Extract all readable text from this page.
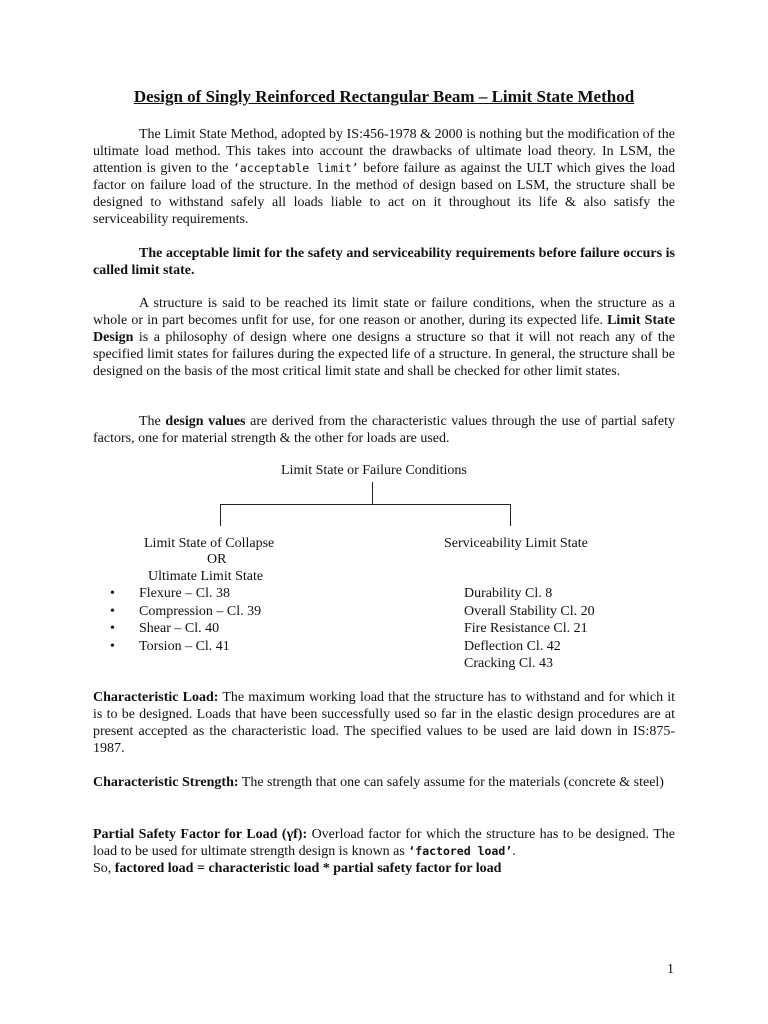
Design of Singly Reinforced Rectangular Beam – Limit State Method

The Limit State Method, adopted by IS:456-1978 & 2000 is nothing but the modification of the ultimate load method. This takes into account the drawbacks of ultimate load theory. In LSM, the attention is given to the ‘acceptable limit’ before failure as against the ULT which gives the load factor on failure load of the structure. In the method of design based on LSM, the structure shall be designed to withstand safely all loads liable to act on it throughout its life & also satisfy the serviceability requirements.

The acceptable limit for the safety and serviceability requirements before failure occurs is called limit state.

A structure is said to be reached its limit state or failure conditions, when the structure as a whole or in part becomes unfit for use, for one reason or another, during its expected life. Limit State Design is a philosophy of design where one designs a structure so that it will not reach any of the specified limit states for failures during the expected life of a structure. In general, the structure shall be designed on the basis of the most critical limit state and shall be checked for other limit states.

The design values are derived from the characteristic values through the use of partial safety factors, one for material strength & the other for loads are used.

Limit State or Failure Conditions
Limit State of Collapse
OR
Ultimate Limit State
Serviceability Limit State
• Flexure – Cl. 38
• Compression – Cl. 39
• Shear – Cl. 40
• Torsion – Cl. 41
Durability Cl. 8
Overall Stability Cl. 20
Fire Resistance Cl. 21
Deflection Cl. 42
Cracking Cl. 43

Characteristic Load: The maximum working load that the structure has to withstand and for which it is to be designed. Loads that have been successfully used so far in the elastic design procedures are at present accepted as the characteristic load. The specified values to be used are laid down in IS:875-1987.

Characteristic Strength: The strength that one can safely assume for the materials (concrete & steel)

Partial Safety Factor for Load (γf): Overload factor for which the structure has to be designed. The load to be used for ultimate strength design is known as ‘factored load’.
So, factored load = characteristic load * partial safety factor for load

1
